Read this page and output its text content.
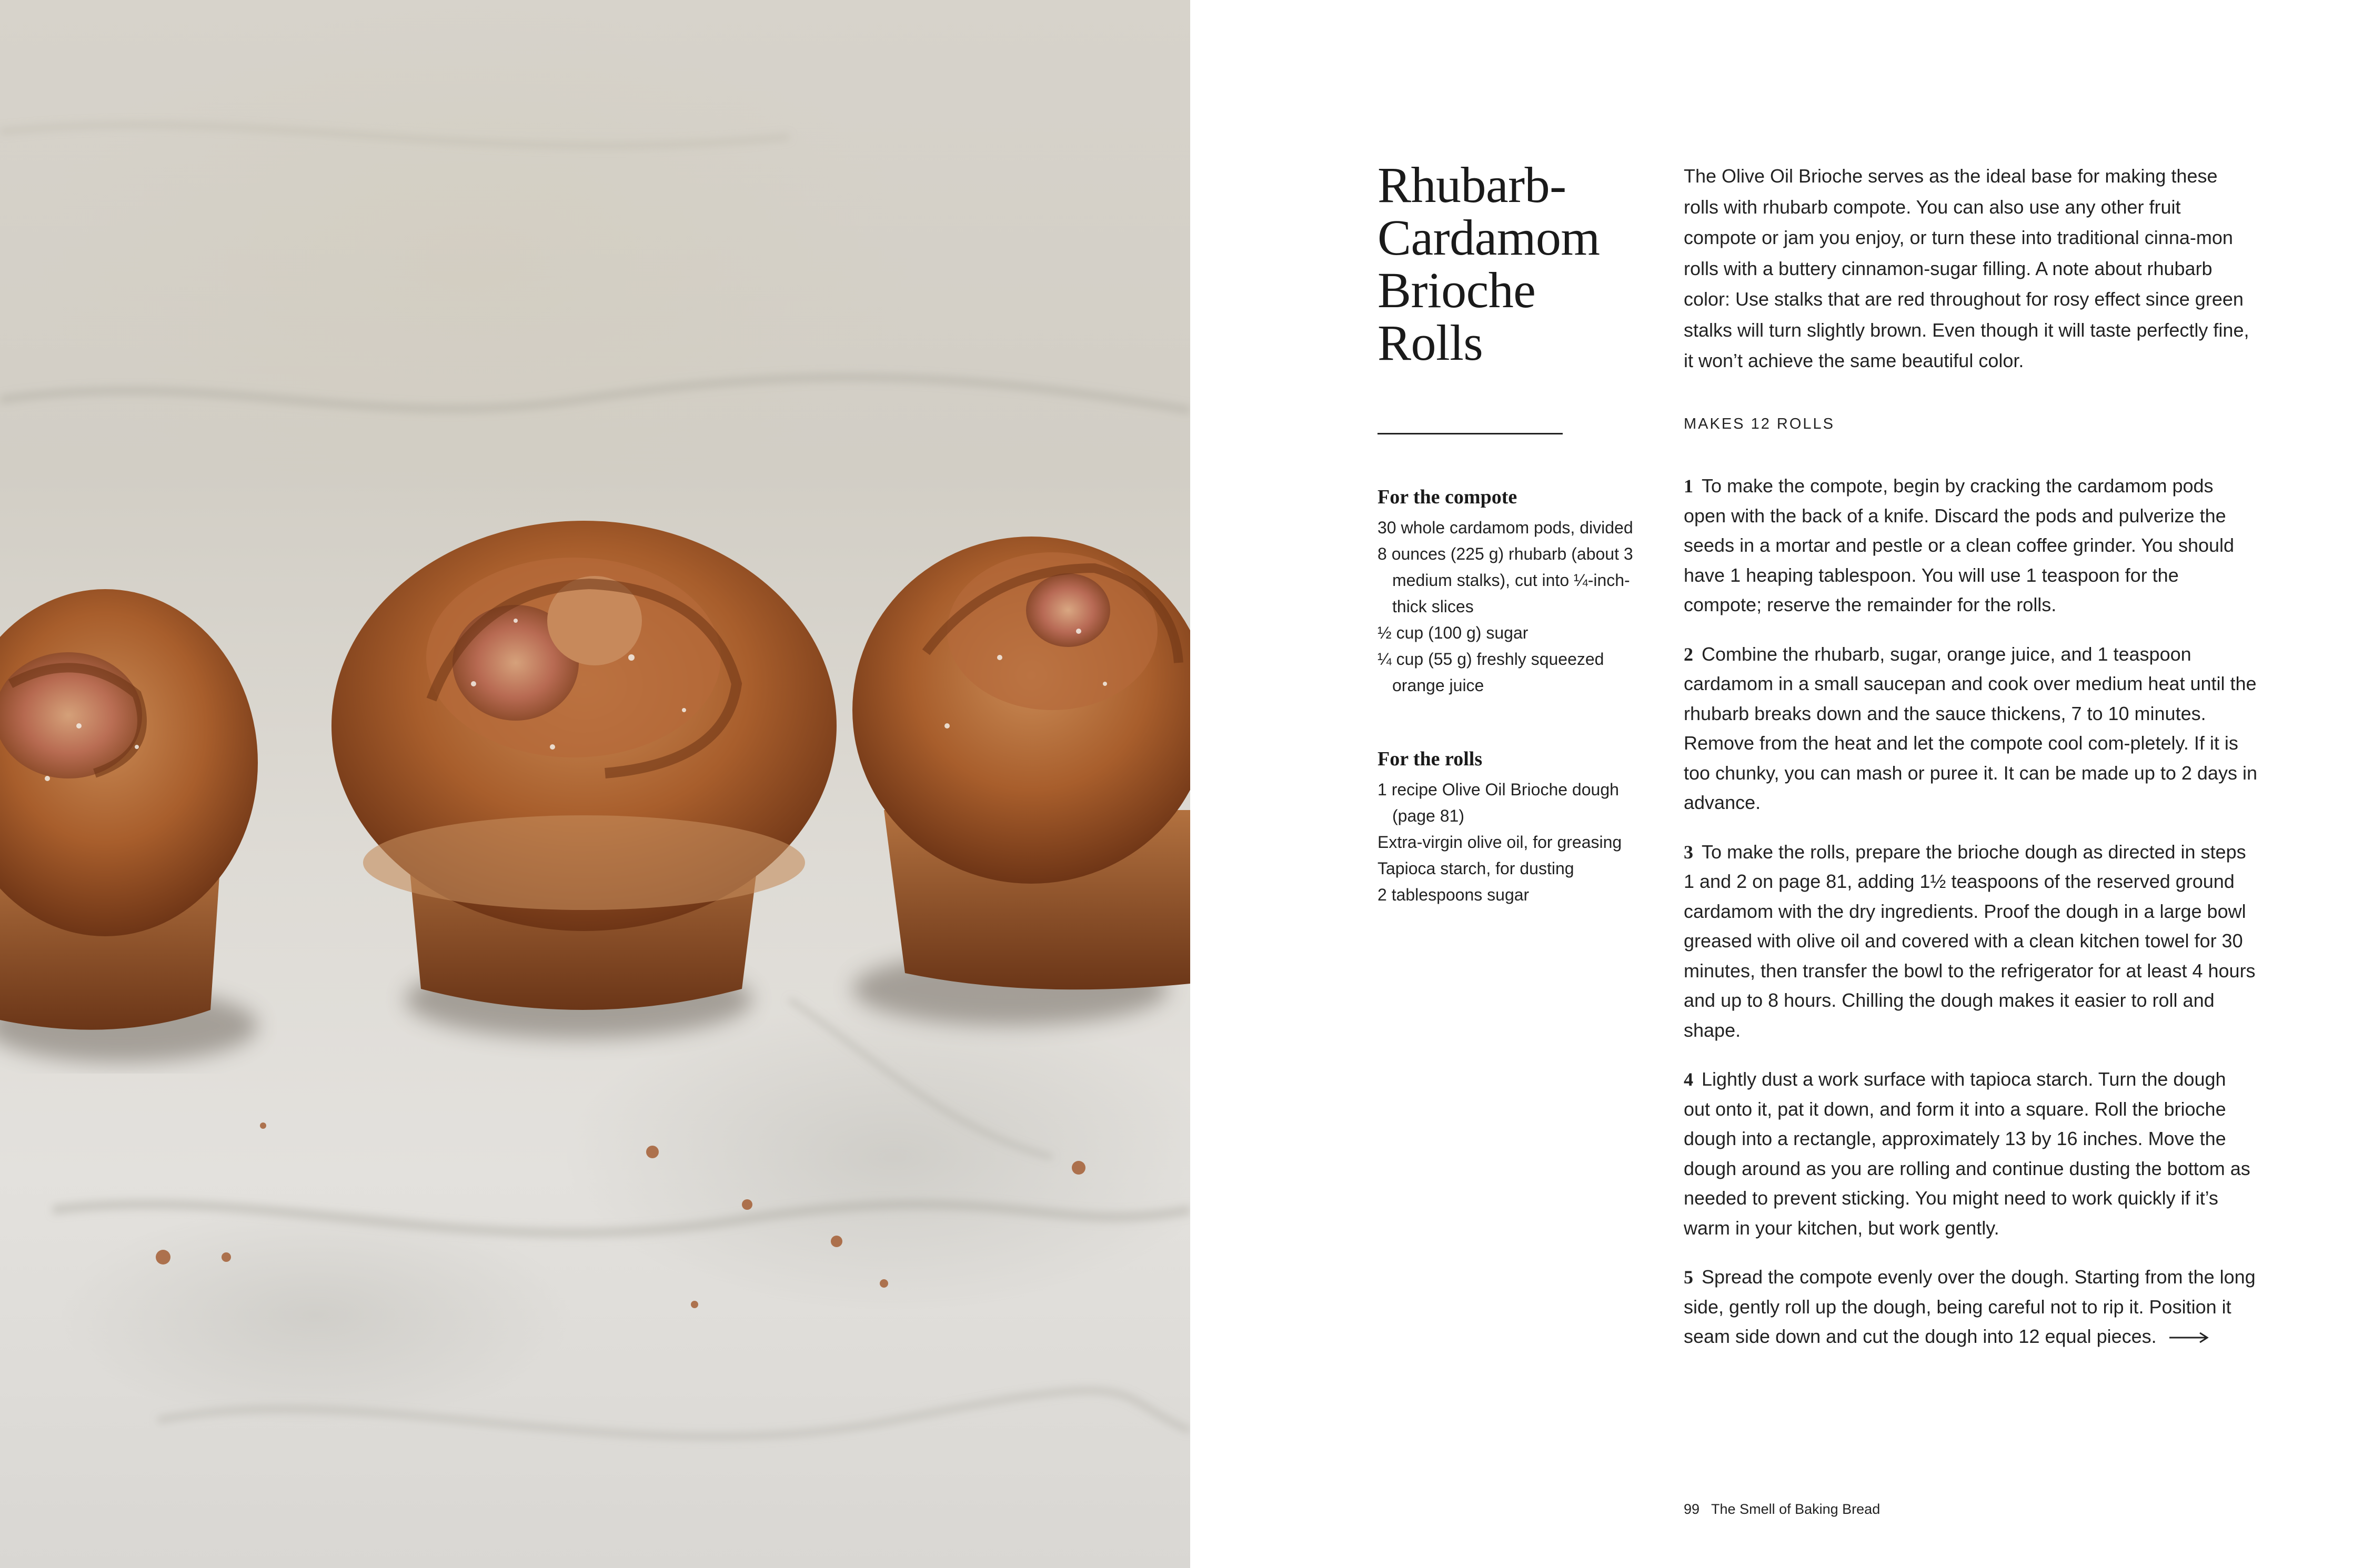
Rhubarb-
Cardamom
Brioche
Rolls

For the compote

30 whole cardamom pods, divided
8 ounces (225 g) rhubarb (about 3 medium stalks), cut into ¼-inch-thick slices
½ cup (100 g) sugar
¼ cup (55 g) freshly squeezed orange juice

For the rolls

1 recipe Olive Oil Brioche dough (page 81)
Extra-virgin olive oil, for greasing
Tapioca starch, for dusting
2 tablespoons sugar

The Olive Oil Brioche serves as the ideal base for making these rolls with rhubarb compote. You can also use any other fruit compote or jam you enjoy, or turn these into traditional cinna-mon rolls with a buttery cinnamon-sugar filling. A note about rhubarb color: Use stalks that are red throughout for rosy effect since green stalks will turn slightly brown. Even though it will taste perfectly fine, it won’t achieve the same beautiful color.

MAKES 12 ROLLS

1 To make the compote, begin by cracking the cardamom pods open with the back of a knife. Discard the pods and pulverize the seeds in a mortar and pestle or a clean coffee grinder. You should have 1 heaping tablespoon. You will use 1 teaspoon for the compote; reserve the remainder for the rolls.

2 Combine the rhubarb, sugar, orange juice, and 1 teaspoon cardamom in a small saucepan and cook over medium heat until the rhubarb breaks down and the sauce thickens, 7 to 10 minutes. Remove from the heat and let the compote cool com-pletely. If it is too chunky, you can mash or puree it. It can be made up to 2 days in advance.

3 To make the rolls, prepare the brioche dough as directed in steps 1 and 2 on page 81, adding 1½ teaspoons of the reserved ground cardamom with the dry ingredients. Proof the dough in a large bowl greased with olive oil and covered with a clean kitchen towel for 30 minutes, then transfer the bowl to the refrigerator for at least 4 hours and up to 8 hours. Chilling the dough makes it easier to roll and shape.

4 Lightly dust a work surface with tapioca starch. Turn the dough out onto it, pat it down, and form it into a square. Roll the brioche dough into a rectangle, approximately 13 by 16 inches. Move the dough around as you are rolling and continue dusting the bottom as needed to prevent sticking. You might need to work quickly if it’s warm in your kitchen, but work gently.

5 Spread the compote evenly over the dough. Starting from the long side, gently roll up the dough, being careful not to rip it. Position it seam side down and cut the dough into 12 equal pieces.

99 The Smell of Baking Bread
